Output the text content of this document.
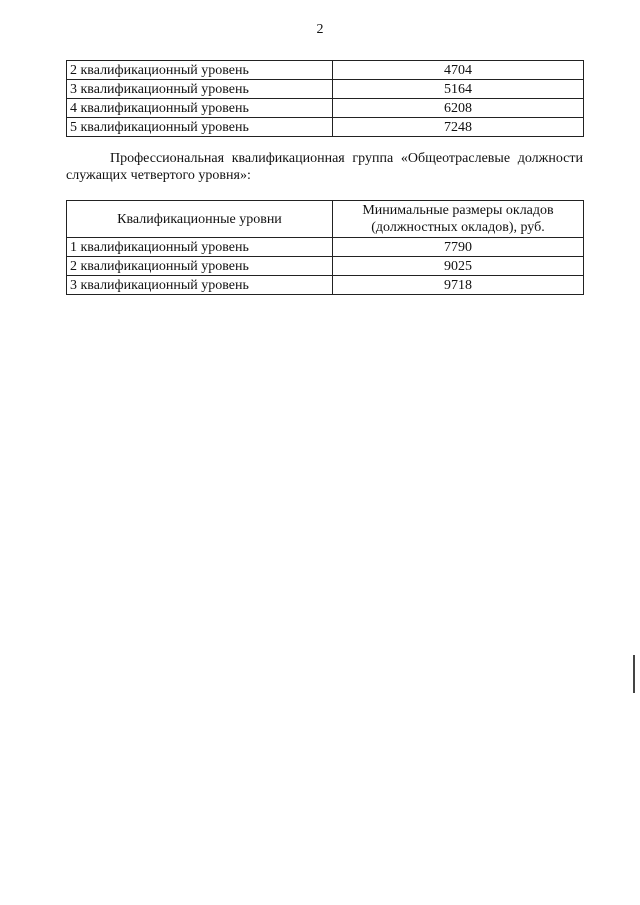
2
2 квалификационный уровень	4704
3 квалификационный уровень	5164
4 квалификационный уровень	6208
5 квалификационный уровень	7248

Профессиональная квалификационная группа «Общеотраслевые должности служащих четвертого уровня»:

Квалификационные уровни	Минимальные размеры окладов (должностных окладов), руб.
1 квалификационный уровень	7790
2 квалификационный уровень	9025
3 квалификационный уровень	9718
